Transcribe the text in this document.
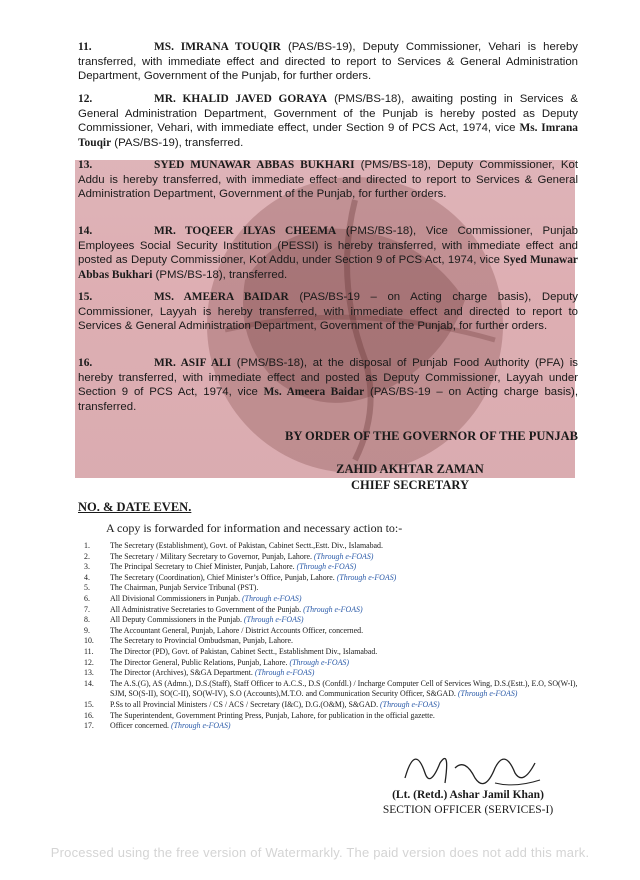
11.	MS. IMRANA TOUQIR (PAS/BS-19), Deputy Commissioner, Vehari is hereby transferred, with immediate effect and directed to report to Services & General Administration Department, Government of the Punjab, for further orders.
12.	MR. KHALID JAVED GORAYA (PMS/BS-18), awaiting posting in Services & General Administration Department, Government of the Punjab is hereby posted as Deputy Commissioner, Vehari, with immediate effect, under Section 9 of PCS Act, 1974, vice Ms. Imrana Touqir (PAS/BS-19), transferred.
13.	SYED MUNAWAR ABBAS BUKHARI (PMS/BS-18), Deputy Commissioner, Kot Addu is hereby transferred, with immediate effect and directed to report to Services & General Administration Department, Government of the Punjab, for further orders.
14.	MR. TOQEER ILYAS CHEEMA (PMS/BS-18), Vice Commissioner, Punjab Employees Social Security Institution (PESSI) is hereby transferred, with immediate effect and posted as Deputy Commissioner, Kot Addu, under Section 9 of PCS Act, 1974, vice Syed Munawar Abbas Bukhari (PMS/BS-18), transferred.
15.	MS. AMEERA BAIDAR (PAS/BS-19 – on Acting charge basis), Deputy Commissioner, Layyah is hereby transferred, with immediate effect and directed to report to Services & General Administration Department, Government of the Punjab, for further orders.
16.	MR. ASIF ALI (PMS/BS-18), at the disposal of Punjab Food Authority (PFA) is hereby transferred, with immediate effect and posted as Deputy Commissioner, Layyah under Section 9 of PCS Act, 1974, vice Ms. Ameera Baidar (PAS/BS-19 – on Acting charge basis), transferred.
BY ORDER OF THE GOVERNOR OF THE PUNJAB
ZAHID AKHTAR ZAMAN
CHIEF SECRETARY
NO. & DATE EVEN.
A copy is forwarded for information and necessary action to:-
1.	The Secretary (Establishment), Govt. of Pakistan, Cabinet Sectt.,Estt. Div., Islamabad.
2.	The Secretary / Military Secretary to Governor, Punjab, Lahore. (Through e-FOAS)
3.	The Principal Secretary to Chief Minister, Punjab, Lahore. (Through e-FOAS)
4.	The Secretary (Coordination), Chief Minister’s Office, Punjab, Lahore. (Through e-FOAS)
5.	The Chairman, Punjab Service Tribunal (PST).
6.	All Divisional Commissioners in Punjab. (Through e-FOAS)
7.	All Administrative Secretaries to Government of the Punjab. (Through e-FOAS)
8.	All Deputy Commissioners in the Punjab. (Through e-FOAS)
9.	The Accountant General, Punjab, Lahore / District Accounts Officer, concerned.
10.	The Secretary to Provincial Ombudsman, Punjab, Lahore.
11.	The Director (PD), Govt. of Pakistan, Cabinet Sectt., Establishment Div., Islamabad.
12.	The Director General, Public Relations, Punjab, Lahore. (Through e-FOAS)
13.	The Director (Archives), S&GA Department. (Through e-FOAS)
14.	The A.S.(G), AS (Admn.), D.S.(Staff), Staff Officer to A.C.S., D.S (Confdl.) / Incharge Computer Cell of Services Wing, D.S.(Estt.), E.O, SO(W-I), SJM, SO(S-II), SO(C-II), SO(W-IV), S.O (Accounts),M.T.O. and Communication Security Officer, S&GAD. (Through e-FOAS)
15.	P.Ss to all Provincial Ministers / CS / ACS / Secretary (I&C), D.G.(O&M), S&GAD. (Through e-FOAS)
16.	The Superintendent, Government Printing Press, Punjab, Lahore, for publication in the official gazette.
17.	Officer concerned. (Through e-FOAS)
(Lt. (Retd.) Ashar Jamil Khan)
SECTION OFFICER (SERVICES-I)
Processed using the free version of Watermarkly. The paid version does not add this mark.
